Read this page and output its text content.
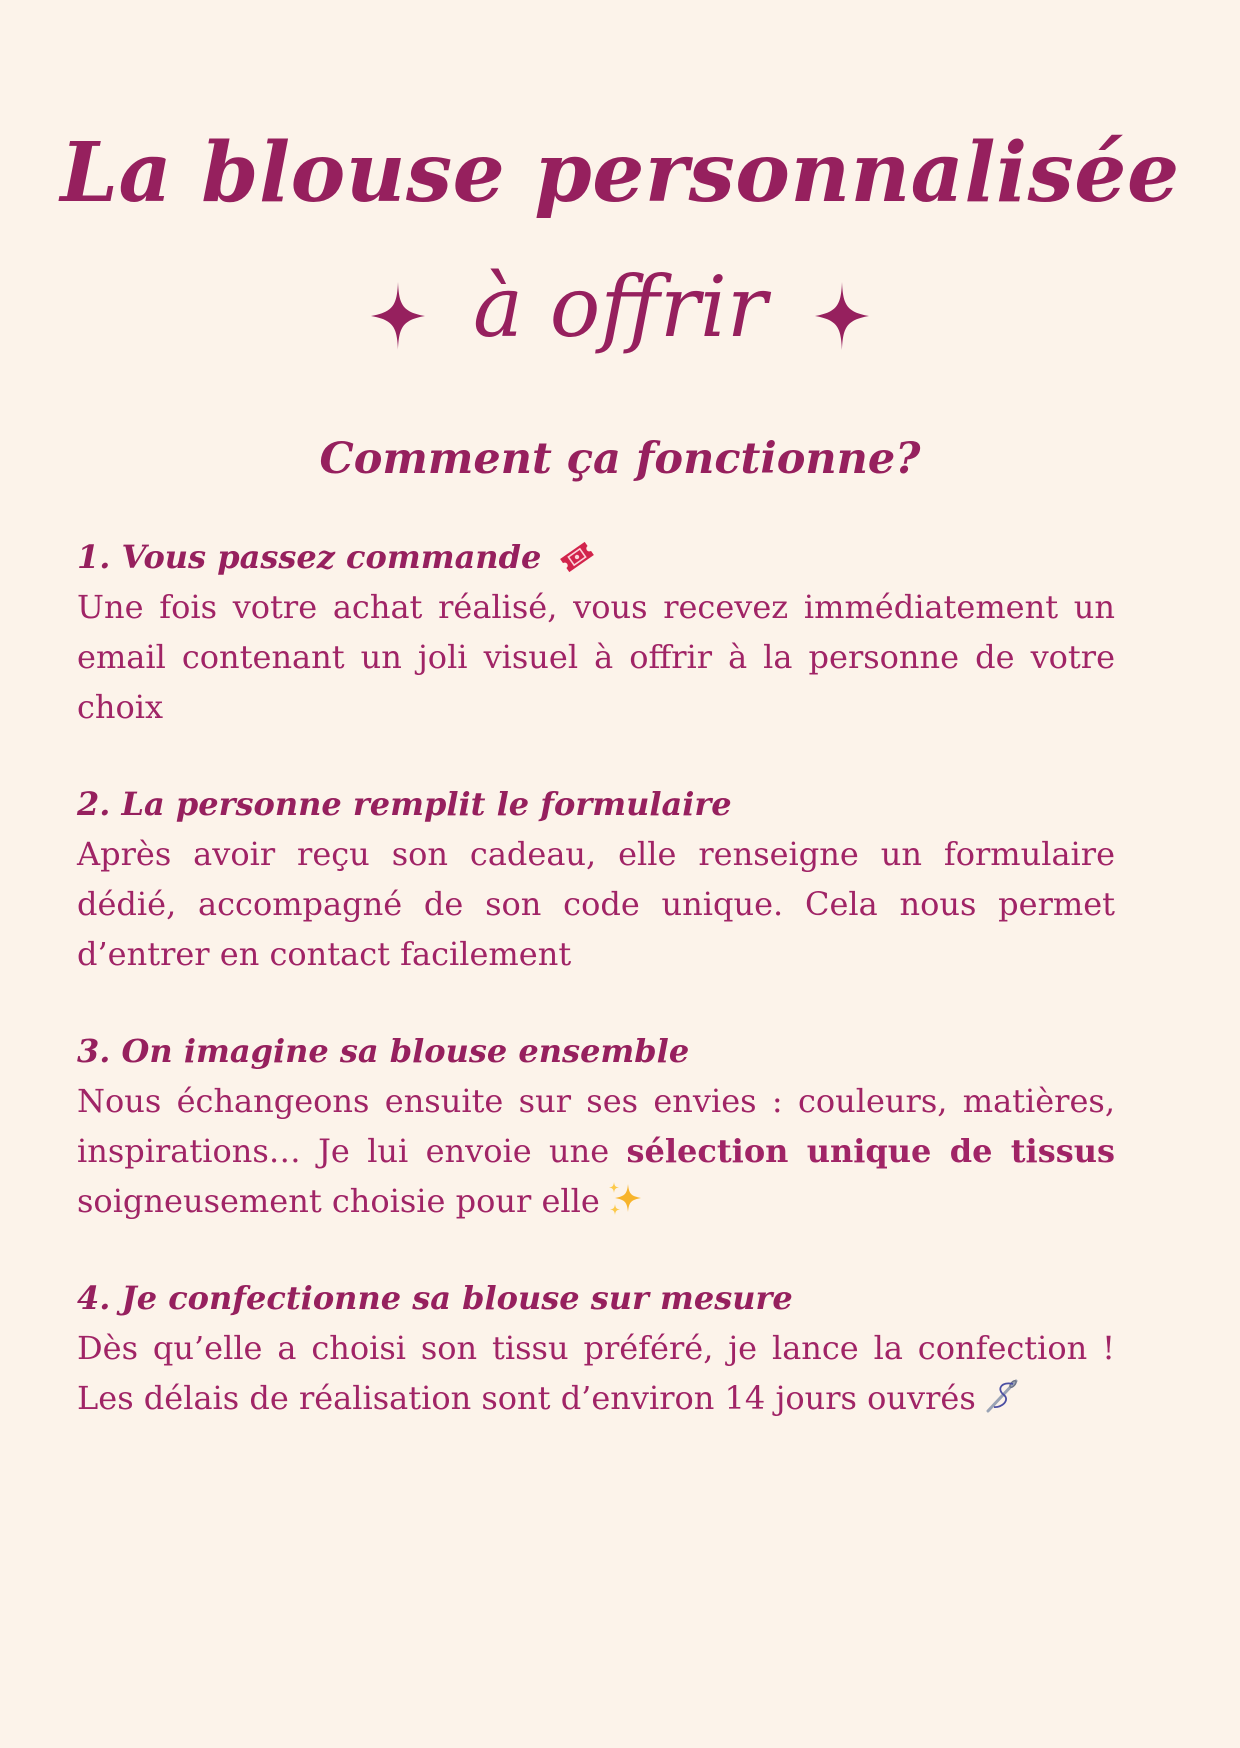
La blouse personnalisée
à offrir
Comment ça fonctionne?
1. Vous passez commande
Une fois votre achat réalisé, vous recevez immédiatement un email contenant un joli visuel à offrir à la personne de votre choix
2. La personne remplit le formulaire
Après avoir reçu son cadeau, elle renseigne un formulaire dédié, accompagné de son code unique. Cela nous permet d’entrer en contact facilement
3. On imagine sa blouse ensemble
Nous échangeons ensuite sur ses envies : couleurs, matières, inspirations… Je lui envoie une sélection unique de tissus soigneusement choisie pour elle
4. Je confectionne sa blouse sur mesure
Dès qu’elle a choisi son tissu préféré, je lance la confection ! Les délais de réalisation sont d’environ 14 jours ouvrés
